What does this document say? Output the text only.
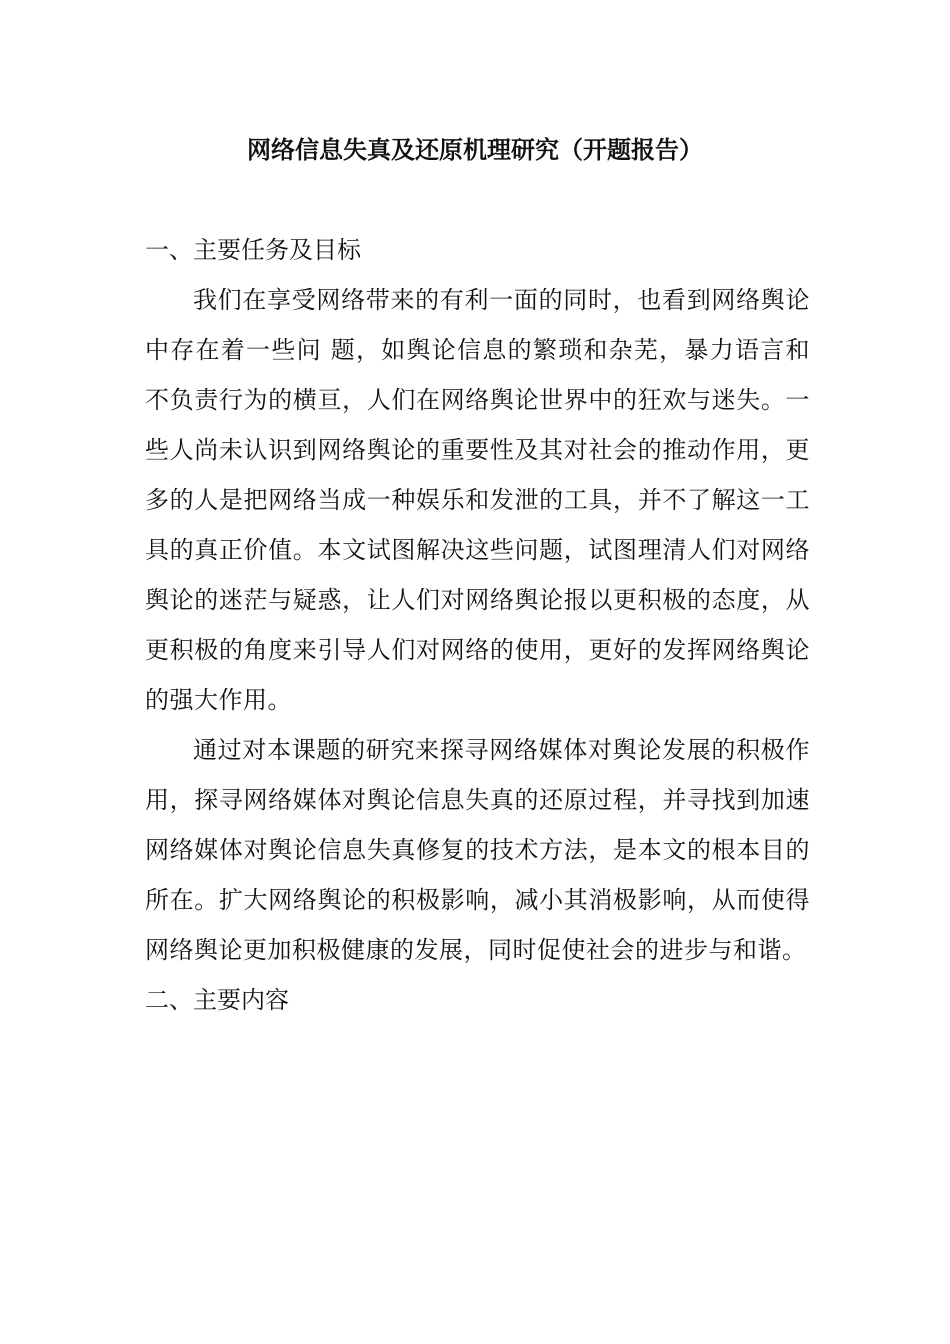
网络信息失真及还原机理研究（开题报告）
一、主要任务及目标

我们在享受网络带来的有利一面的同时，也看到网络舆论中存在着一些问 题，如舆论信息的繁琐和杂芜，暴力语言和不负责行为的横亘，人们在网络舆论世界中的狂欢与迷失。一些人尚未认识到网络舆论的重要性及其对社会的推动作用，更多的人是把网络当成一种娱乐和发泄的工具，并不了解这一工具的真正价值。本文试图解决这些问题，试图理清人们对网络舆论的迷茫与疑惑，让人们对网络舆论报以更积极的态度，从更积极的角度来引导人们对网络的使用，更好的发挥网络舆论的强大作用。

通过对本课题的研究来探寻网络媒体对舆论发展的积极作用，探寻网络媒体对舆论信息失真的还原过程，并寻找到加速网络媒体对舆论信息失真修复的技术方法，是本文的根本目的所在。扩大网络舆论的积极影响，减小其消极影响，从而使得网络舆论更加积极健康的发展，同时促使社会的进步与和谐。

二、主要内容
